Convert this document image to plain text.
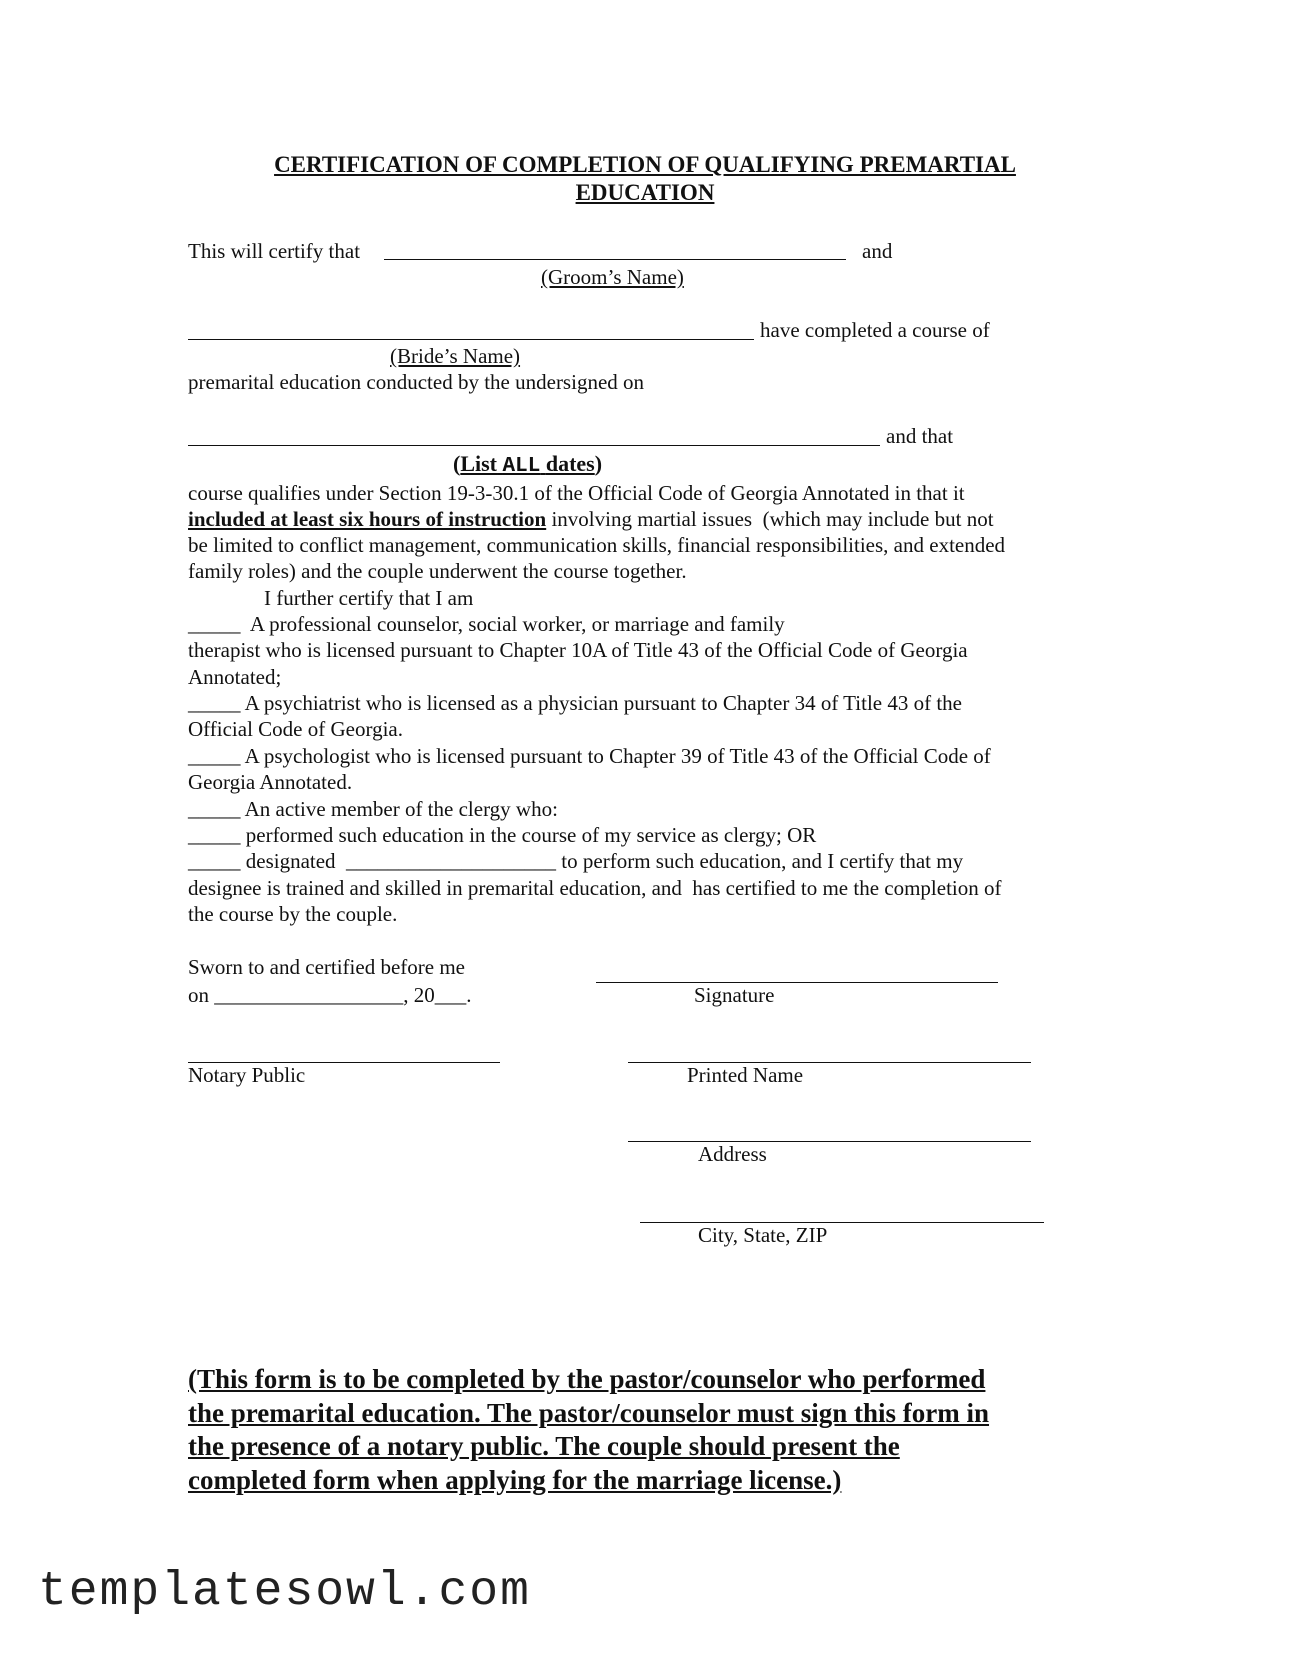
CERTIFICATION OF COMPLETION OF QUALIFYING PREMARTIAL
EDUCATION
This will certify that	and
(Groom’s Name)
have completed a course of
(Bride’s Name)
premarital education conducted by the undersigned on
and that
(List ALL dates)
course qualifies under Section 19-3-30.1 of the Official Code of Georgia Annotated in that it
included at least six hours of instruction involving martial issues  (which may include but not
be limited to conflict management, communication skills, financial responsibilities, and extended
family roles) and the couple underwent the course together.
I further certify that I am
_____  A professional counselor, social worker, or marriage and family
therapist who is licensed pursuant to Chapter 10A of Title 43 of the Official Code of Georgia
Annotated;
_____ A psychiatrist who is licensed as a physician pursuant to Chapter 34 of Title 43 of the
Official Code of Georgia.
_____ A psychologist who is licensed pursuant to Chapter 39 of Title 43 of the Official Code of
Georgia Annotated.
_____ An active member of the clergy who:
_____ performed such education in the course of my service as clergy; OR
_____ designated  ____________________ to perform such education, and I certify that my
designee is trained and skilled in premarital education, and  has certified to me the completion of
the course by the couple.
Sworn to and certified before me
on __________________, 20___.	Signature
Notary Public	Printed Name
Address
City, State, ZIP
(This form is to be completed by the pastor/counselor who performed
the premarital education. The pastor/counselor must sign this form in
the presence of a notary public. The couple should present the
completed form when applying for the marriage license.)
templatesowl.com
